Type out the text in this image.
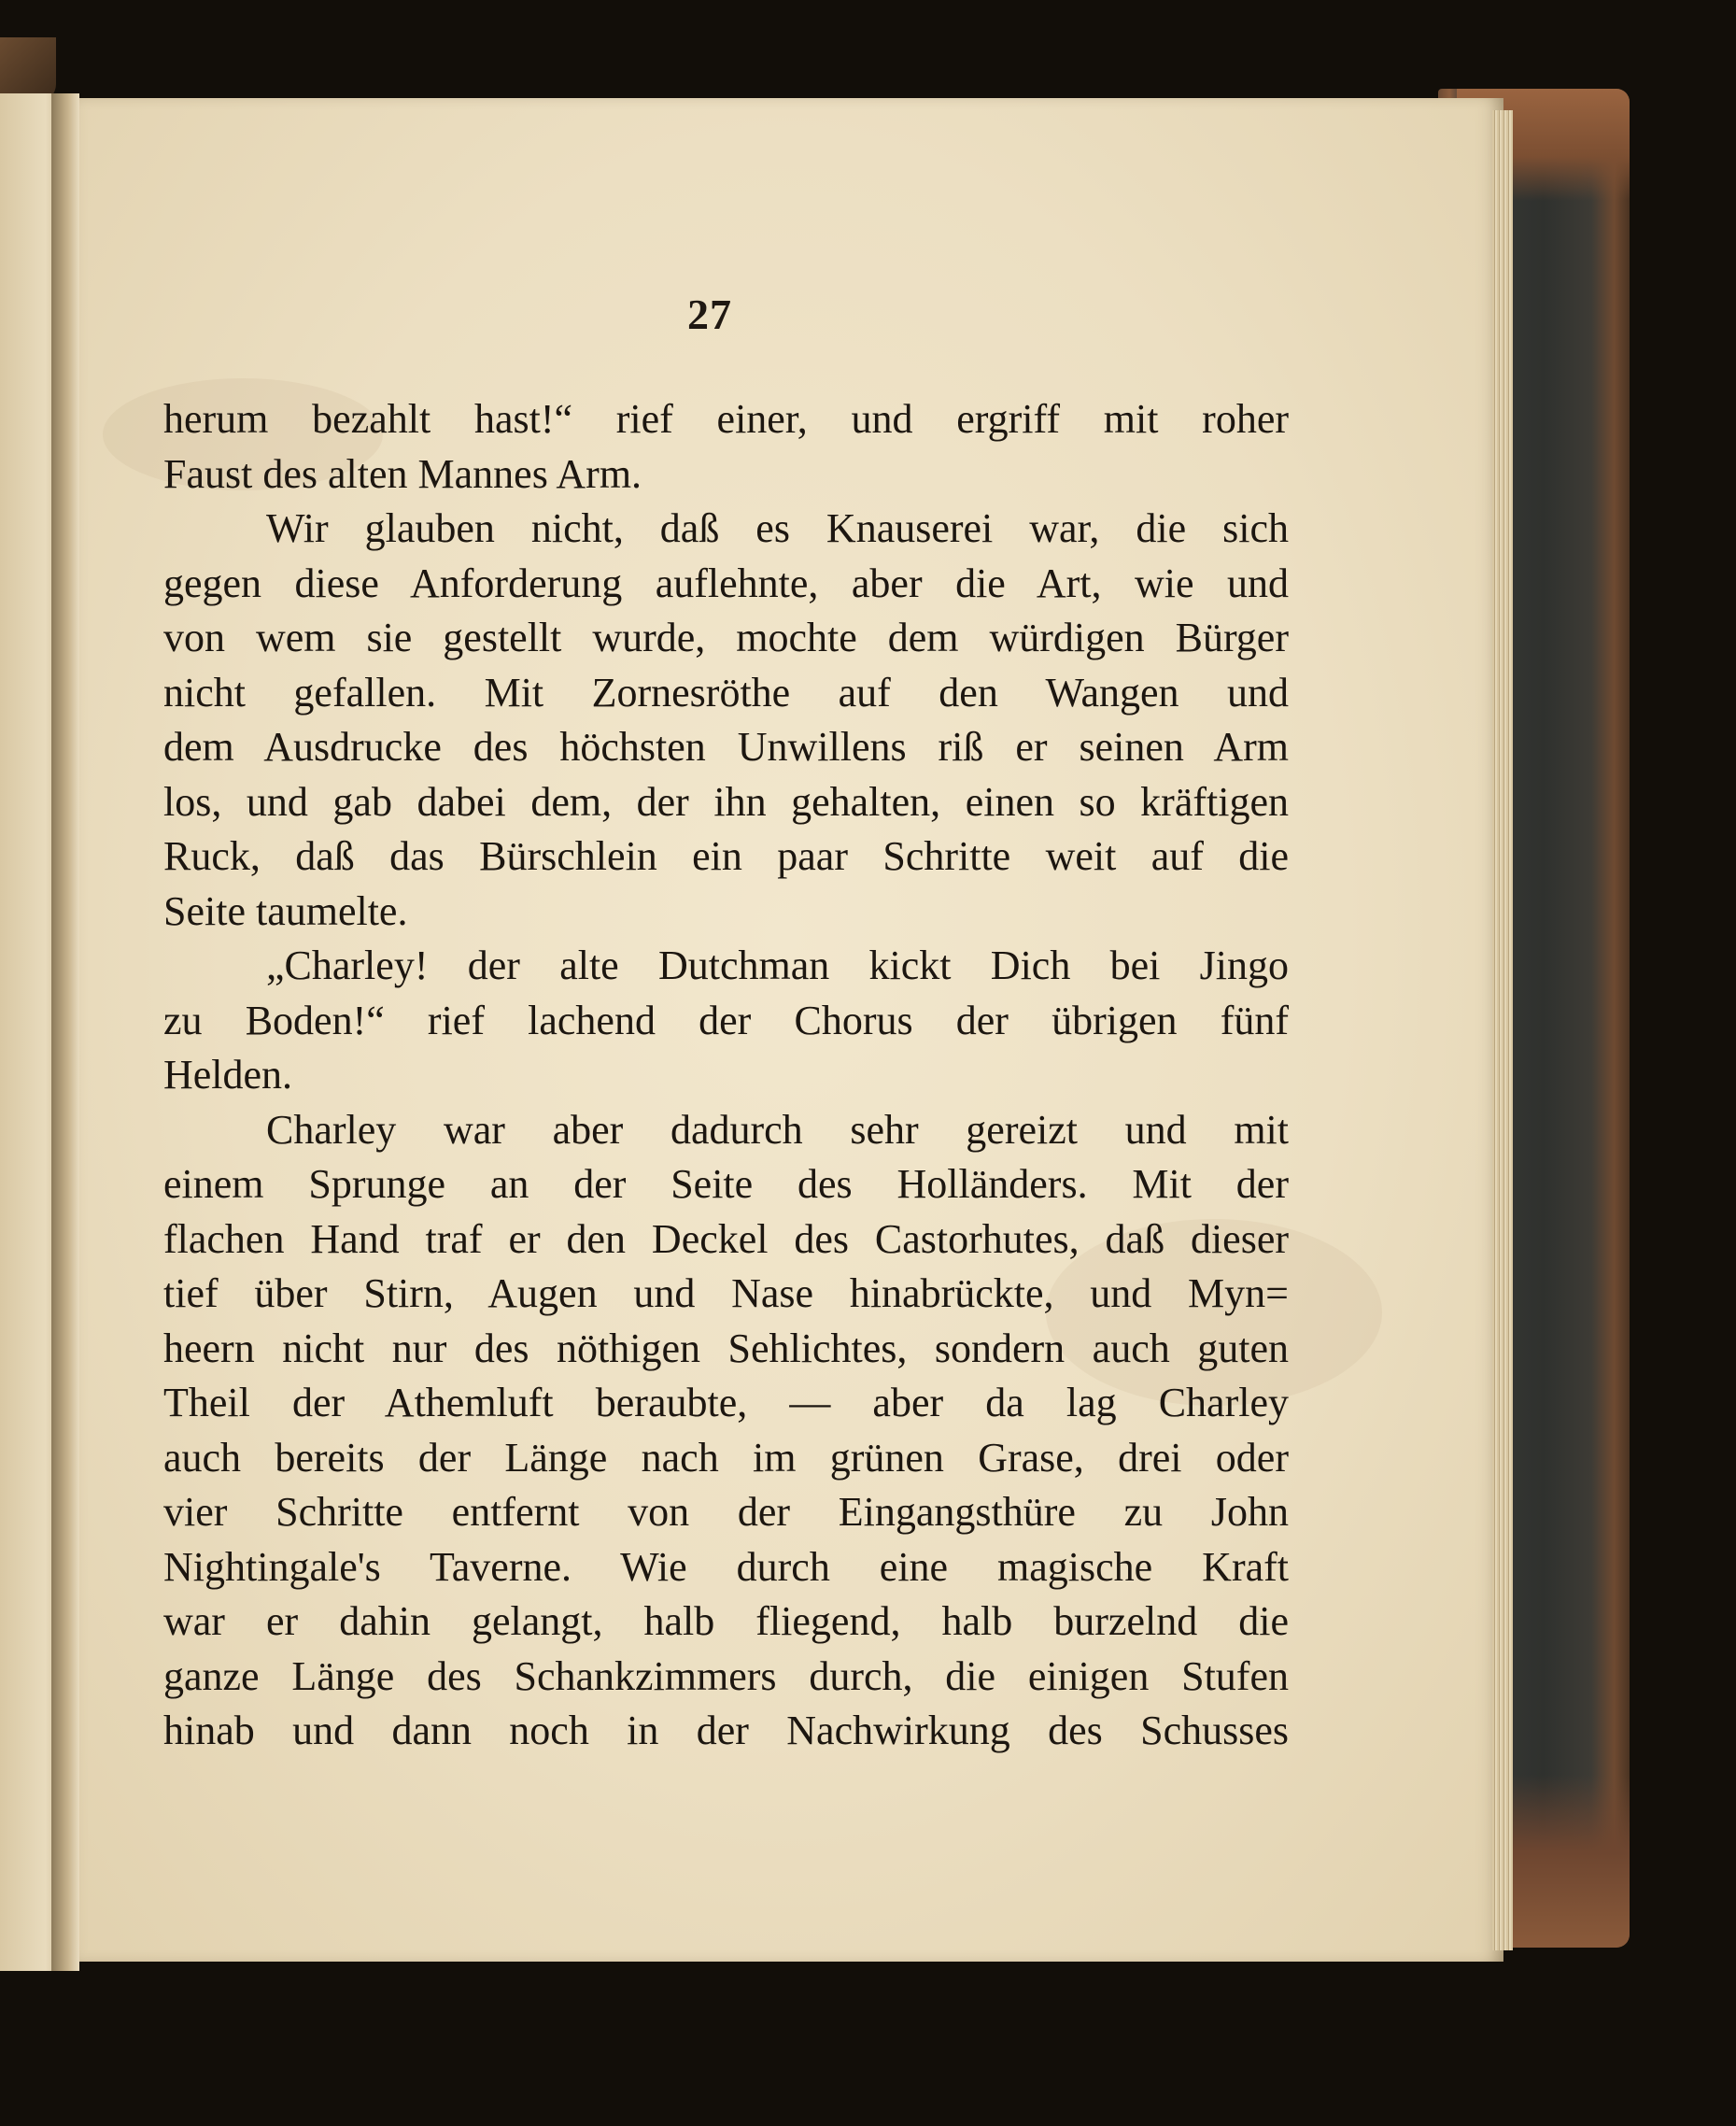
27
herum bezahlt hast!“ rief einer, und ergriff mit roher
Faust des alten Mannes Arm.
Wir glauben nicht, daß es Knauserei war, die sich
gegen diese Anforderung auflehnte, aber die Art, wie und
von wem sie gestellt wurde, mochte dem würdigen Bürger
nicht gefallen. Mit Zornesröthe auf den Wangen und
dem Ausdrucke des höchsten Unwillens riß er seinen Arm
los, und gab dabei dem, der ihn gehalten, einen so kräftigen
Ruck, daß das Bürschlein ein paar Schritte weit auf die
Seite taumelte.
„Charley! der alte Dutchman kickt Dich bei Jingo
zu Boden!“ rief lachend der Chorus der übrigen fünf
Helden.
Charley war aber dadurch sehr gereizt und mit
einem Sprunge an der Seite des Holländers. Mit der
flachen Hand traf er den Deckel des Castorhutes, daß dieser
tief über Stirn, Augen und Nase hinabrückte, und Myn=
heern nicht nur des nöthigen Sehlichtes, sondern auch guten
Theil der Athemluft beraubte, — aber da lag Charley
auch bereits der Länge nach im grünen Grase, drei oder
vier Schritte entfernt von der Eingangsthüre zu John
Nightingale's Taverne. Wie durch eine magische Kraft
war er dahin gelangt, halb fliegend, halb burzelnd die
ganze Länge des Schankzimmers durch, die einigen Stufen
hinab und dann noch in der Nachwirkung des Schusses
